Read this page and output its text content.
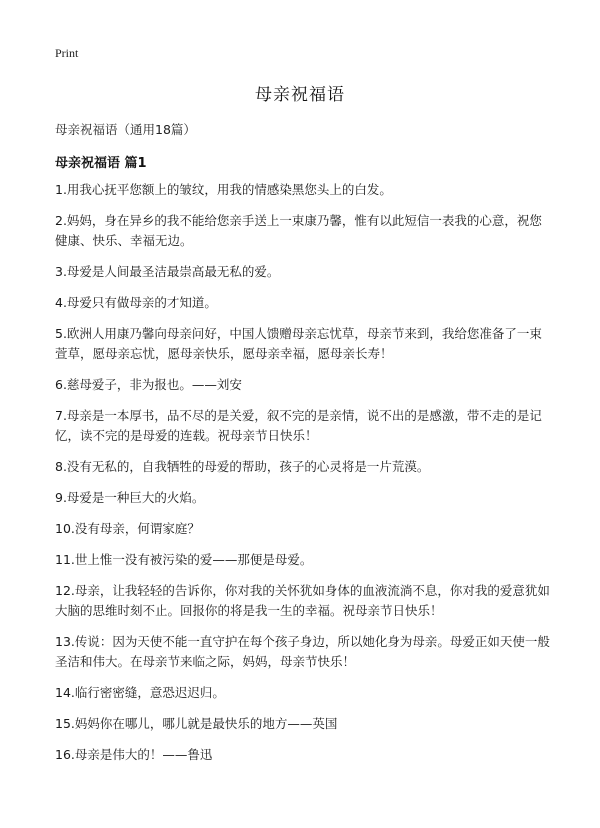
Print
母亲祝福语
母亲祝福语（通用18篇）
母亲祝福语 篇1
1.用我心抚平您额上的皱纹，用我的情感染黑您头上的白发。
2.妈妈，身在异乡的我不能给您亲手送上一束康乃馨，惟有以此短信一表我的心意，祝您健康、快乐、幸福无边。
3.母爱是人间最圣洁最崇高最无私的爱。
4.母爱只有做母亲的才知道。
5.欧洲人用康乃馨向母亲问好，中国人馈赠母亲忘忧草，母亲节来到，我给您准备了一束萱草，愿母亲忘忧，愿母亲快乐，愿母亲幸福，愿母亲长寿！
6.慈母爱子，非为报也。——刘安
7.母亲是一本厚书，品不尽的是关爱，叙不完的是亲情，说不出的是感激，带不走的是记忆，读不完的是母爱的连载。祝母亲节日快乐！
8.没有无私的，自我牺牲的母爱的帮助，孩子的心灵将是一片荒漠。
9.母爱是一种巨大的火焰。
10.没有母亲，何谓家庭？
11.世上惟一没有被污染的爱——那便是母爱。
12.母亲，让我轻轻的告诉你，你对我的关怀犹如身体的血液流淌不息，你对我的爱意犹如大脑的思维时刻不止。回报你的将是我一生的幸福。祝母亲节日快乐！
13.传说：因为天使不能一直守护在每个孩子身边，所以她化身为母亲。母爱正如天使一般圣洁和伟大。在母亲节来临之际，妈妈，母亲节快乐！
14.临行密密缝，意恐迟迟归。
15.妈妈你在哪儿，哪儿就是最快乐的地方——英国
16.母亲是伟大的！——鲁迅
